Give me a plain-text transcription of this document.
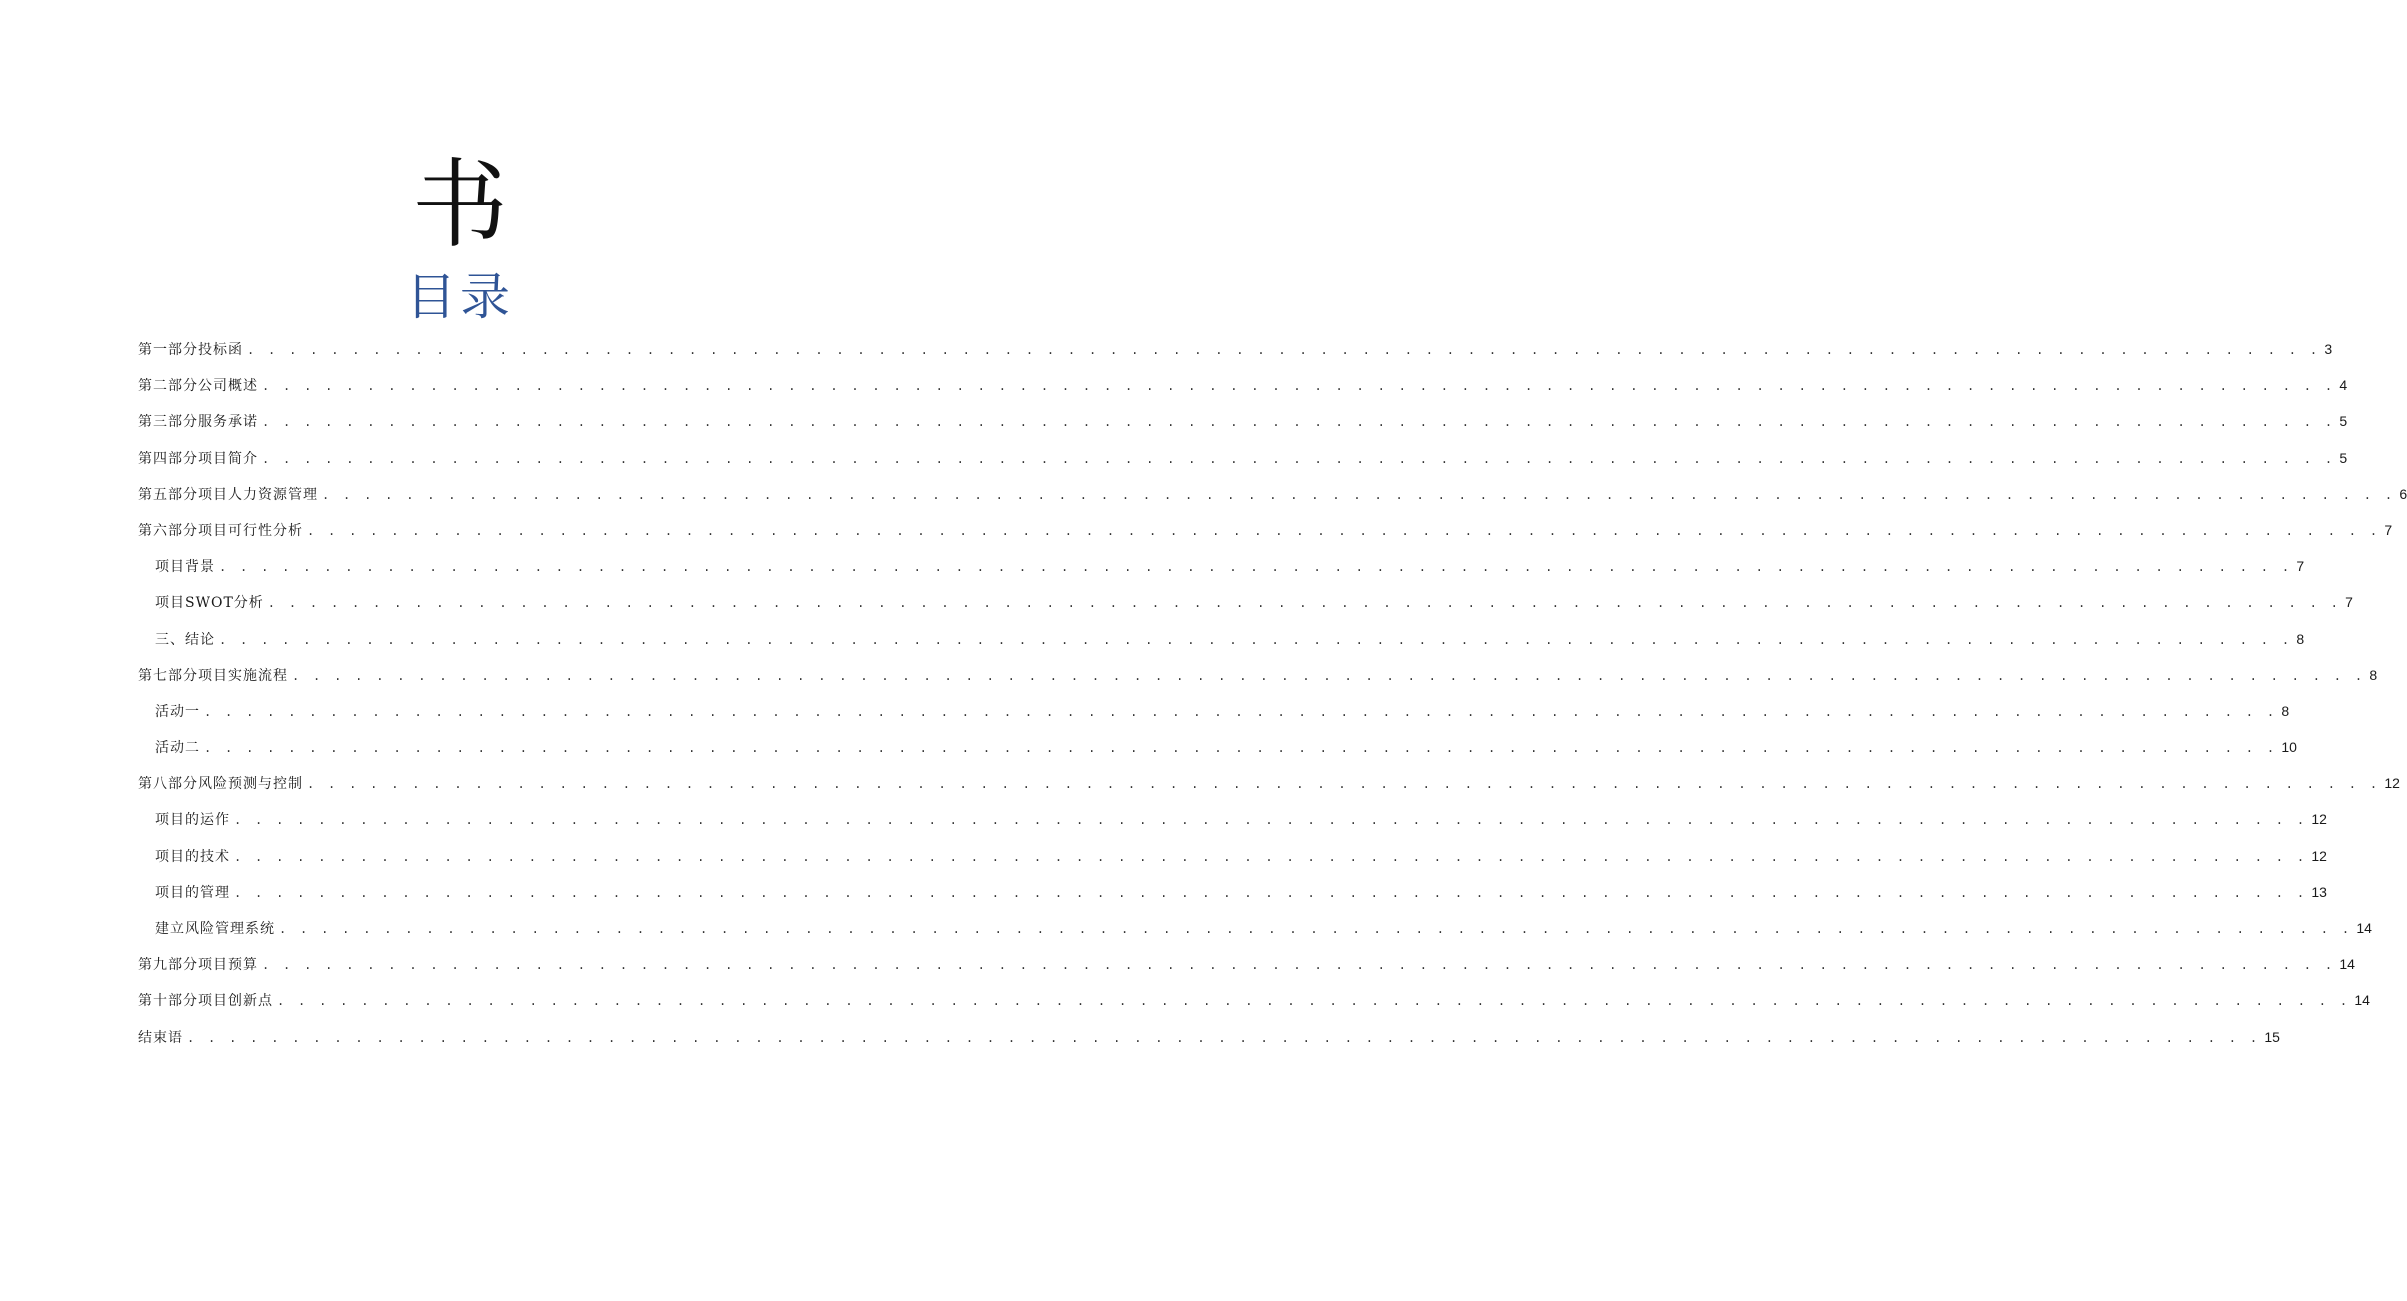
书
目录
第一部分投标函 . . . . . . . . . . . . . . . . . . . . . . . . . . . . . . . . . . . . . . . . . . . . . . . . . . . . . . . . . . . . . . . . . . . . . . . . . . . . . . . . . . . . . . . . . . . . . . . . . . . 3
第二部分公司概述 . . . . . . . . . . . . . . . . . . . . . . . . . . . . . . . . . . . . . . . . . . . . . . . . . . . . . . . . . . . . . . . . . . . . . . . . . . . . . . . . . . . . . . . . . . . . . . . . . . . 4
第三部分服务承诺 . . . . . . . . . . . . . . . . . . . . . . . . . . . . . . . . . . . . . . . . . . . . . . . . . . . . . . . . . . . . . . . . . . . . . . . . . . . . . . . . . . . . . . . . . . . . . . . . . . . 5
第四部分项目简介 . . . . . . . . . . . . . . . . . . . . . . . . . . . . . . . . . . . . . . . . . . . . . . . . . . . . . . . . . . . . . . . . . . . . . . . . . . . . . . . . . . . . . . . . . . . . . . . . . . . 5
第五部分项目人力资源管理 . . . . . . . . . . . . . . . . . . . . . . . . . . . . . . . . . . . . . . . . . . . . . . . . . . . . . . . . . . . . . . . . . . . . . . . . . . . . . . . . . . . . . . . . . . . . . . . . . . . 6
第六部分项目可行性分析 . . . . . . . . . . . . . . . . . . . . . . . . . . . . . . . . . . . . . . . . . . . . . . . . . . . . . . . . . . . . . . . . . . . . . . . . . . . . . . . . . . . . . . . . . . . . . . . . . . . 7
项目背景 . . . . . . . . . . . . . . . . . . . . . . . . . . . . . . . . . . . . . . . . . . . . . . . . . . . . . . . . . . . . . . . . . . . . . . . . . . . . . . . . . . . . . . . . . . . . . . . . . . . 7
项目SWOT分析 . . . . . . . . . . . . . . . . . . . . . . . . . . . . . . . . . . . . . . . . . . . . . . . . . . . . . . . . . . . . . . . . . . . . . . . . . . . . . . . . . . . . . . . . . . . . . . . . . . . 7
三、结论 . . . . . . . . . . . . . . . . . . . . . . . . . . . . . . . . . . . . . . . . . . . . . . . . . . . . . . . . . . . . . . . . . . . . . . . . . . . . . . . . . . . . . . . . . . . . . . . . . . . 8
第七部分项目实施流程 . . . . . . . . . . . . . . . . . . . . . . . . . . . . . . . . . . . . . . . . . . . . . . . . . . . . . . . . . . . . . . . . . . . . . . . . . . . . . . . . . . . . . . . . . . . . . . . . . . . 8
活动一 . . . . . . . . . . . . . . . . . . . . . . . . . . . . . . . . . . . . . . . . . . . . . . . . . . . . . . . . . . . . . . . . . . . . . . . . . . . . . . . . . . . . . . . . . . . . . . . . . . . 8
活动二 . . . . . . . . . . . . . . . . . . . . . . . . . . . . . . . . . . . . . . . . . . . . . . . . . . . . . . . . . . . . . . . . . . . . . . . . . . . . . . . . . . . . . . . . . . . . . . . . . . . 10
第八部分风险预测与控制 . . . . . . . . . . . . . . . . . . . . . . . . . . . . . . . . . . . . . . . . . . . . . . . . . . . . . . . . . . . . . . . . . . . . . . . . . . . . . . . . . . . . . . . . . . . . . . . . . . . 12
项目的运作 . . . . . . . . . . . . . . . . . . . . . . . . . . . . . . . . . . . . . . . . . . . . . . . . . . . . . . . . . . . . . . . . . . . . . . . . . . . . . . . . . . . . . . . . . . . . . . . . . . . 12
项目的技术 . . . . . . . . . . . . . . . . . . . . . . . . . . . . . . . . . . . . . . . . . . . . . . . . . . . . . . . . . . . . . . . . . . . . . . . . . . . . . . . . . . . . . . . . . . . . . . . . . . . 12
项目的管理 . . . . . . . . . . . . . . . . . . . . . . . . . . . . . . . . . . . . . . . . . . . . . . . . . . . . . . . . . . . . . . . . . . . . . . . . . . . . . . . . . . . . . . . . . . . . . . . . . . . 13
建立风险管理系统 . . . . . . . . . . . . . . . . . . . . . . . . . . . . . . . . . . . . . . . . . . . . . . . . . . . . . . . . . . . . . . . . . . . . . . . . . . . . . . . . . . . . . . . . . . . . . . . . . . . 14
第九部分项目预算 . . . . . . . . . . . . . . . . . . . . . . . . . . . . . . . . . . . . . . . . . . . . . . . . . . . . . . . . . . . . . . . . . . . . . . . . . . . . . . . . . . . . . . . . . . . . . . . . . . . 14
第十部分项目创新点 . . . . . . . . . . . . . . . . . . . . . . . . . . . . . . . . . . . . . . . . . . . . . . . . . . . . . . . . . . . . . . . . . . . . . . . . . . . . . . . . . . . . . . . . . . . . . . . . . . . 14
结束语 . . . . . . . . . . . . . . . . . . . . . . . . . . . . . . . . . . . . . . . . . . . . . . . . . . . . . . . . . . . . . . . . . . . . . . . . . . . . . . . . . . . . . . . . . . . . . . . . . . . 15
